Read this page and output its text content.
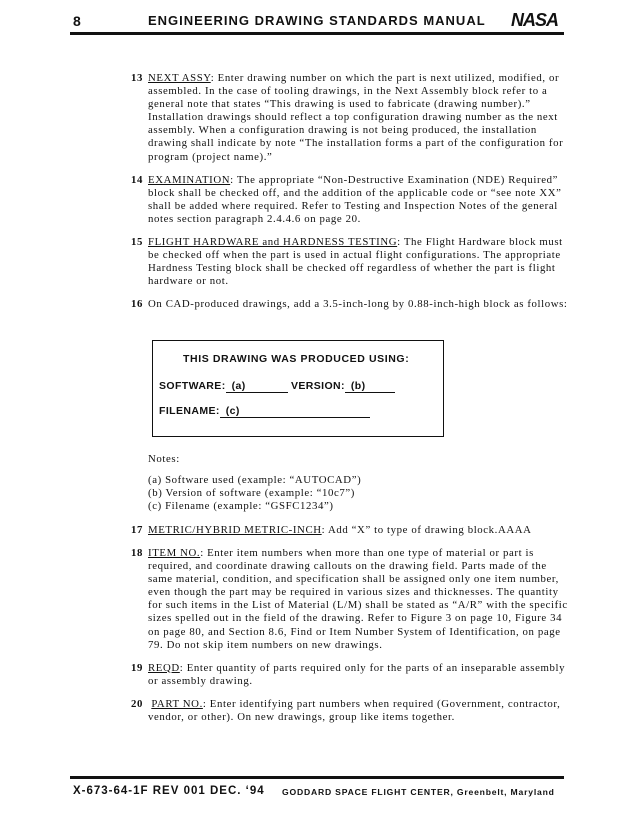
8	ENGINEERING DRAWING STANDARDS MANUAL NASA
13 NEXT ASSY: Enter drawing number on which the part is next utilized, modified, or assembled. In the case of tooling drawings, in the Next Assembly block refer to a general note that states “This drawing is used to fabricate (drawing number).” Installation drawings should reflect a top configuration drawing number as the next assembly. When a configuration drawing is not being produced, the installation drawing shall indicate by note “The installation forms a part of the configuration for program (project name).”
14 EXAMINATION: The appropriate “Non-Destructive Examination (NDE) Required” block shall be checked off, and the addition of the applicable code or “see note XX” shall be added where required. Refer to Testing and Inspection Notes of the general notes section paragraph 2.4.4.6 on page 20.
15 FLIGHT HARDWARE and HARDNESS TESTING: The Flight Hardware block must be checked off when the part is used in actual flight configurations. The appropriate Hardness Testing block shall be checked off regardless of whether the part is flight hardware or not.
16 On CAD-produced drawings, add a 3.5-inch-long by 0.88-inch-high block as follows:
THIS DRAWING WAS PRODUCED USING:
SOFTWARE: (a)	VERSION: (b)
FILENAME: (c)
Notes:
(a) Software used (example: “AUTOCAD”)
(b) Version of software (example: “10c7”)
(c) Filename (example: “GSFC1234”)
17 METRIC/HYBRID METRIC-INCH: Add “X” to type of drawing block.AAAA
18 ITEM NO.: Enter item numbers when more than one type of material or part is required, and coordinate drawing callouts on the drawing field. Parts made of the same material, condition, and specification shall be assigned only one item number, even though the part may be required in various sizes and thicknesses. The quantity for such items in the List of Material (L/M) shall be stated as “A/R” with the specific sizes spelled out in the field of the drawing. Refer to Figure 3 on page 10, Figure 34 on page 80, and Section 8.6, Find or Item Number System of Identification, on page 79. Do not skip item numbers on new drawings.
19 REQD: Enter quantity of parts required only for the parts of an inseparable assembly or assembly drawing.
20 PART NO.: Enter identifying part numbers when required (Government, contractor, vendor, or other). On new drawings, group like items together.
X-673-64-1F REV 001 DEC. ‘94 GODDARD SPACE FLIGHT CENTER, Greenbelt, Maryland
